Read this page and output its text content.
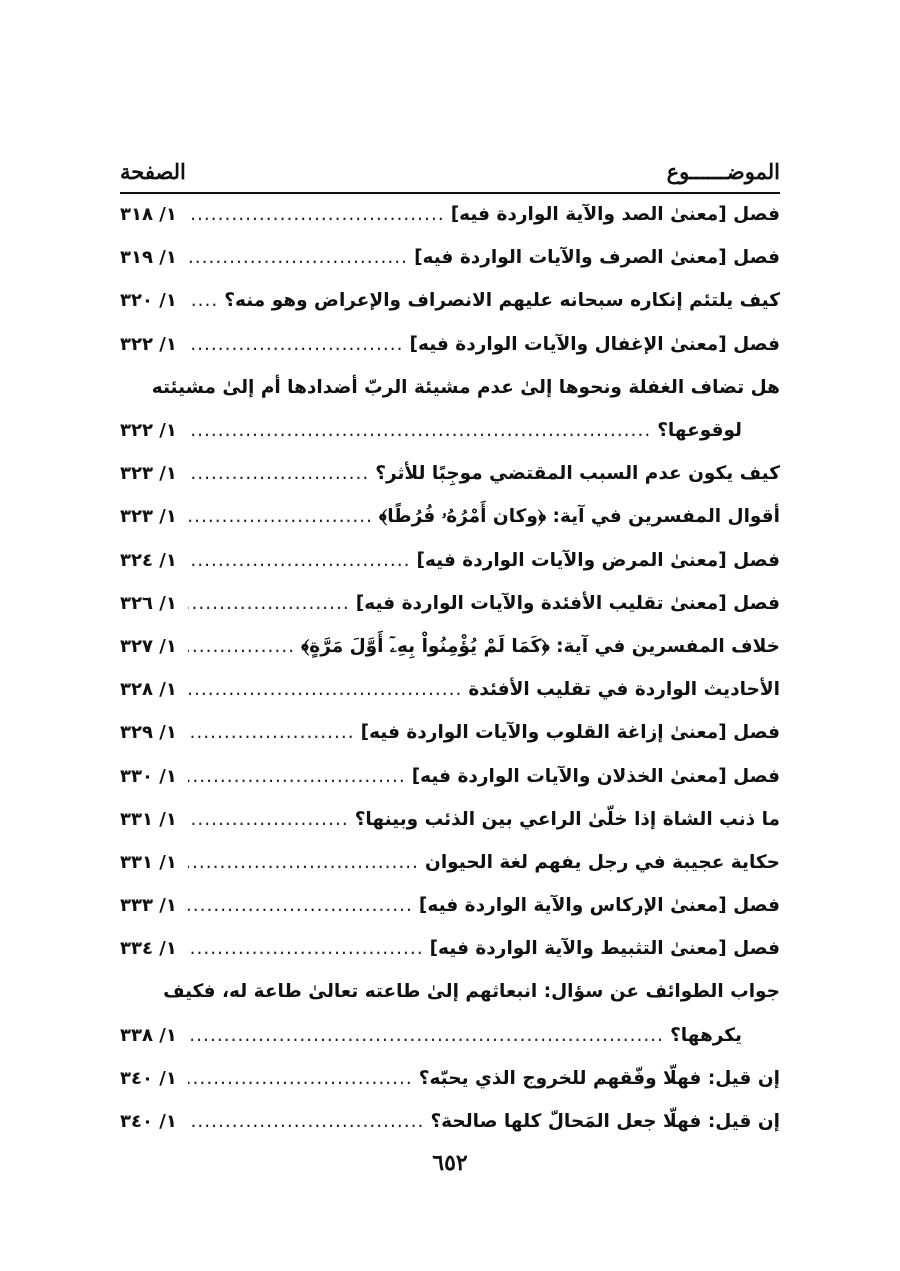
الموضــــــوع
الصفحة
فصل [معنىٰ الصد والآية الواردة فيه]
.....
١/ ٣١٨
فصل [معنىٰ الصرف والآيات الواردة فيه]
.....
١/ ٣١٩
كيف يلتئم إنكاره سبحانه عليهم الانصراف والإعراض وهو منه؟
.....
١/ ٣٢٠
فصل [معنىٰ الإغفال والآيات الواردة فيه]
.....
١/ ٣٢٢
هل تضاف الغفلة ونحوها إلىٰ عدم مشيئة الربّ أضدادها أم إلىٰ مشيئته
لوقوعها؟
.....
١/ ٣٢٢
كيف يكون عدم السبب المقتضي موجِبًا للأثر؟
.....
١/ ٣٢٣
أقوال المفسرين في آية: ﴿وكان أَمْرُهُۥ فُرُطًا﴾
.....
١/ ٣٢٣
فصل [معنىٰ المرض والآيات الواردة فيه]
.....
١/ ٣٢٤
فصل [معنىٰ تقليب الأفئدة والآيات الواردة فيه]
.....
١/ ٣٢٦
خلاف المفسرين في آية: ﴿كَمَا لَمْ يُؤْمِنُواْ بِهِۦٓ أَوَّلَ مَرَّةٍ﴾
.....
١/ ٣٢٧
الأحاديث الواردة في تقليب الأفئدة
.....
١/ ٣٢٨
فصل [معنىٰ إزاغة القلوب والآيات الواردة فيه]
.....
١/ ٣٢٩
فصل [معنىٰ الخذلان والآيات الواردة فيه]
.....
١/ ٣٣٠
ما ذنب الشاة إذا خلّىٰ الراعي بين الذئب وبينها؟
.....
١/ ٣٣١
حكاية عجيبة في رجل يفهم لغة الحيوان
.....
١/ ٣٣١
فصل [معنىٰ الإركاس والآية الواردة فيه]
.....
١/ ٣٣٣
فصل [معنىٰ التثبيط والآية الواردة فيه]
.....
١/ ٣٣٤
جواب الطوائف عن سؤال: انبعاثهم إلىٰ طاعته تعالىٰ طاعة له، فكيف
يكرهها؟
.....
١/ ٣٣٨
إن قيل: فهلّا وفّقهم للخروج الذي يحبّه؟
.....
١/ ٣٤٠
إن قيل: فهلّا جعل المَحالّ كلها صالحة؟
.....
١/ ٣٤٠
٦٥٢
